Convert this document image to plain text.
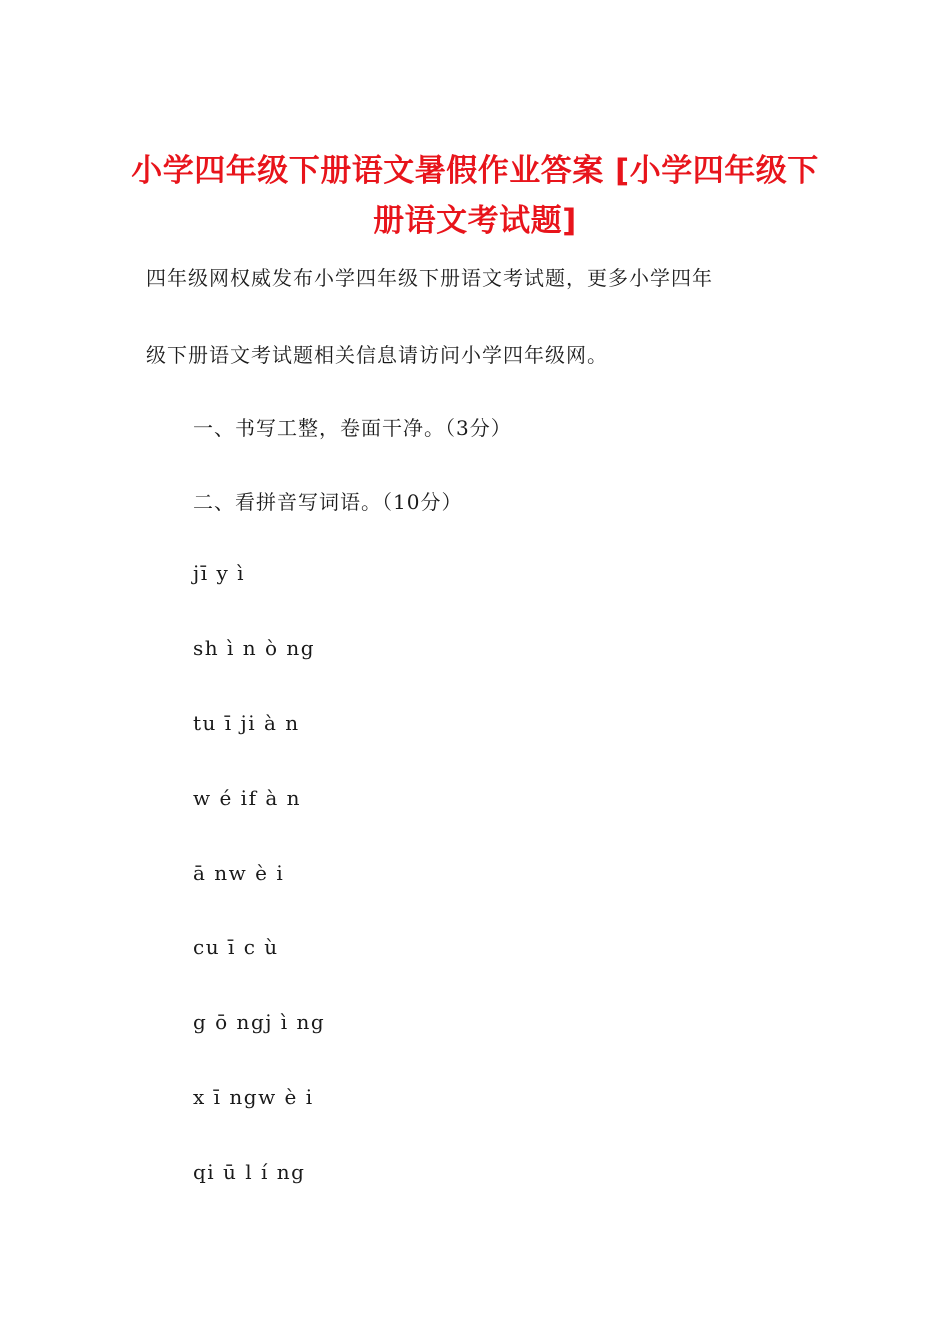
小学四年级下册语文暑假作业答案 [小学四年级下册语文考试题]
四年级网权威发布小学四年级下册语文考试题，更多小学四年
级下册语文考试题相关信息请访问小学四年级网。
一、书写工整，卷面干净。（3分）
二、看拼音写词语。（10分）
jī y ì
sh ì n ò ng
tu ī ji à n
w é if à n
ā nw è i
cu ī c ù
g ō ngj ì ng
x ī ngw è i
qi ū l í ng
